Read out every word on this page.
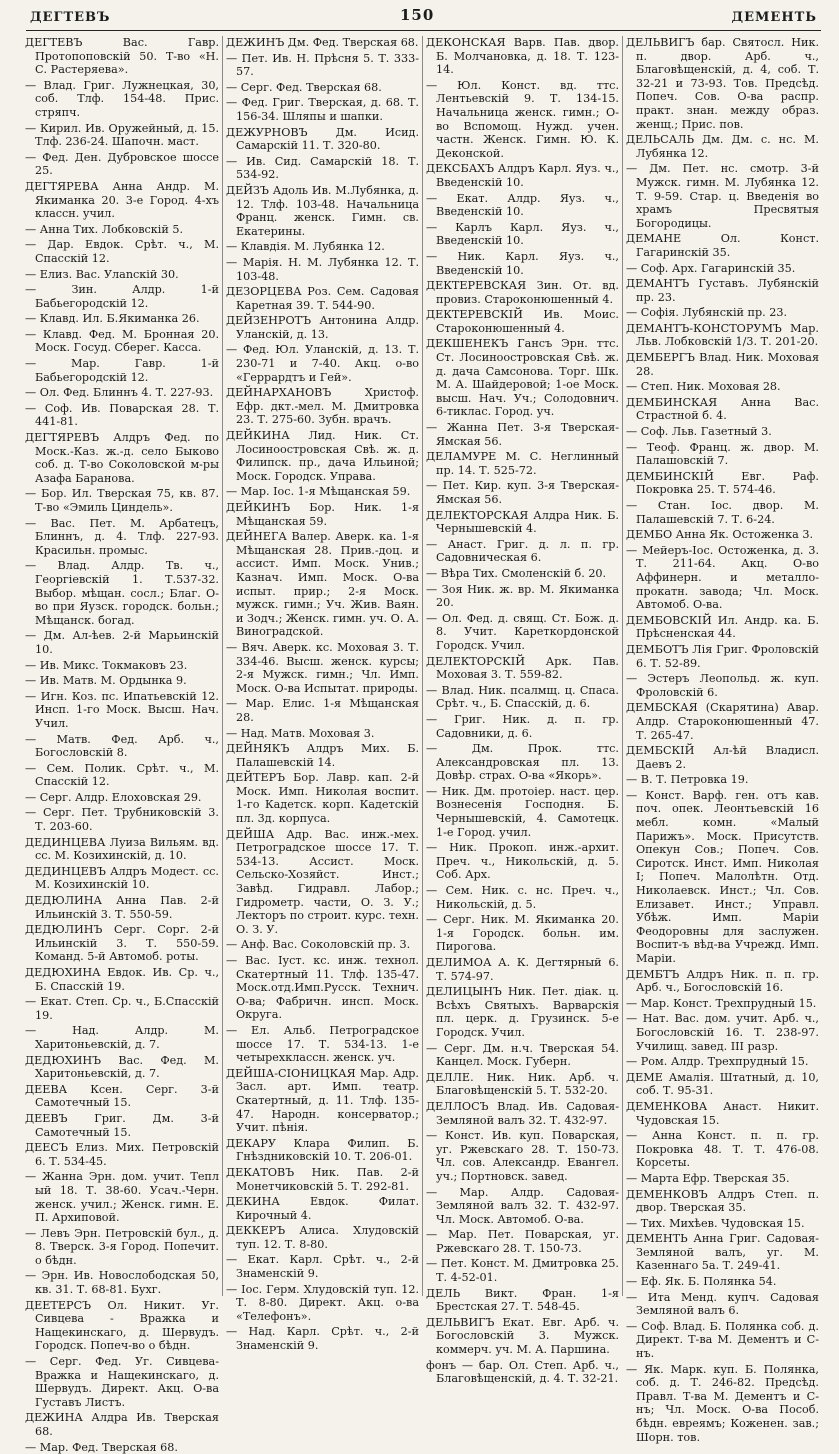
ДЕГТЕВЪ	150	ДЕМЕНТЬ

ДЕГТЕВЪ Вас. Гавр. Протопоповскій 50. Т-во «Н. С. Растеряева».

— Влад. Григ. Лужнецкая, 30, соб. Тлф. 154-48. Прис. стряпч.

— Кирил. Ив. Оружейный, д. 15. Тлф. 236-24. Шапочн. маст.

— Фед. Ден. Дубровское шоссе 25.

ДЕГТЯРЕВА Анна Андр. М. Якиманка 20. 3-е Город. 4-хъ классн. учил.

— Анна Тих. Лобковскій 5.

— Дар. Евдок. Срѣт. ч., М. Спасскій 12.

— Елиз. Вас. Улanскій 30.

— Зин. Алдр. 1-й Бабьегородскій 12.

— Клавд. Ил. Б.Якиманка 26.

— Клавд. Фед. М. Бронная 20. Моск. Госуд. Сберег. Касса.

— Мар. Гавр. 1-й Бабьегородскій 12.

— Ол. Фед. Блиннъ 4. Т. 227-93.

— Соф. Ив. Поварская 28. Т. 441-81.

ДЕГТЯРЕВЪ Алдръ Фед. по Моск.-Каз. ж.-д. село Быково соб. д. Т-во Соколовской м-ры Азафа Баранова.

— Бор. Ил. Тверская 75, кв. 87. Т-во «Эмиль Циндель».

— Вас. Пет. М. Арбатецъ, Блиннъ, д. 4. Тлф. 227-93. Красильн. промыс.

— Влад. Алдр. Тв. ч., Георгіевскій 1. Т.537-32. Выбор. мѣщан. сосл.; Благ. О-во при Яузск. городск. больн.; Мѣщанск. богад.

— Дм. Ал-ѣев. 2-й Марьинскій 10.

— Ив. Микс. Токмаковъ 23.

— Ив. Матв. М. Ордынка 9.

— Игн. Коз. пс. Ипатьевскій 12. Инсп. 1-го Моск. Высш. Нач. Учил.

— Матв. Фед. Арб. ч., Богословскій 8.

— Сем. Полик. Срѣт. ч., М. Спасскій 12.

— Серг. Алдр. Елоховская 29.

— Серг. Пет. Трубниковскій 3. Т. 203-60.

ДЕДИНЦЕВА Луиза Вильям. вд. сс. М. Козихинскій, д. 10.

ДЕДИНЦЕВЪ Алдръ Модест. сс. М. Козихинскій 10.

ДЕДЮЛИНА Анна Пав. 2-й Ильинскій 3. Т. 550-59.

ДЕДЮЛИНЪ Серг. Сорг. 2-й Ильинскій 3. Т. 550-59. Команд. 5-й Автомоб. роты.

ДЕДЮХИНА Евдок. Ив. Ср. ч., Б. Спасскій 19.

— Екат. Степ. Ср. ч., Б.Спасскій 19.

— Над. Алдр. М. Харитоньевскій, д. 7.

ДЕДЮХИНЪ Вас. Фед. М. Харитоньевскій, д. 7.

ДЕЕВА Ксен. Серг. 3-й Самотечный 15.

ДЕЕВЪ Григ. Дм. 3-й Самотечный 15.

ДЕЕСЪ Елиз. Мих. Петровскій 6. Т. 534-45.

— Жанна Эрн. дом. учит. Тепл ый 18. Т. 38-60. Усач.-Черн. женск. учил.; Женск. гимн. Е. П. Архиповой.

— Левъ Эрн. Петровскій бул., д. 8. Тверск. 3-я Город. Попечит. о бѣдн.

— Эрн. Ив. Новослободская 50, кв. 31. Т. 68-81. Бухг.

ДЕЕТЕРСЪ Ол. Никит. Уг. Сивцева - Вражка и Нащекинскаго, д. Шервудъ. Городск. Попеч-во о бѣдн.

— Серг. Фед. Уг. Сивцева-Вражка и Нащекинскаго, д. Шервудъ. Директ. Акц. О-ва Густавъ Листъ.

ДЕЖИНА Алдра Ив. Тверская 68.

— Мар. Фед. Тверская 68.

ДЕЖИНЪ Дм. Фед. Тверская 68.

— Пет. Ив. Н. Прѣсня 5. Т. 333-57.

— Серг. Фед. Тверская 68.

— Фед. Григ. Тверская, д. 68. Т. 156-34. Шляпы и шапки.

ДЕЖУРНОВЪ Дм. Исид. Самарскій 11. Т. 320-80.

— Ив. Сид. Самарскій 18. Т. 534-92.

ДЕЙЗЪ Адоль Ив. М.Лубянка, д. 12. Тлф. 103-48. Начальница Франц. женск. Гимн. св. Екатерины.

— Клавдія. М. Лубянка 12.

— Марія. Н. М. Лубянка 12. Т. 103-48.

ДЕЗОРЦЕВА Роз. Сем. Садовая Каретная 39. Т. 544-90.

ДЕЙЗЕНРОТЪ Антонина Алдр. Уланскій, д. 13.

— Фед. Юл. Уланскій, д. 13. Т. 230-71 и 7-40. Акц. о-во «Геррардтъ и Гей».

ДЕЙНАРХАНОВЪ Христоф. Ефр. дкт.-мел. М. Дмитровка 23. Т. 275-60. Зубн. врачъ.

ДЕЙКИНА Лид. Ник. Ст. Лосиноостровская Свѣ. ж. д. Филипск. пр., дача Ильиной; Моск. Городск. Управа.

— Мар. Іос. 1-я Мѣщанская 59.

ДЕЙКИНЪ Бор. Ник. 1-я Мѣщанская 59.

ДЕЙНЕГА Валер. Аверк. ка. 1-я Мѣщанская 28. Прив.-доц. и ассист. Имп. Моск. Унив.; Казнач. Имп. Моск. О-ва испыт. прир.; 2-я Моск. мужск. гимн.; Уч. Жив. Ваян. и Зодч.; Женск. гимн. уч. О. А. Виноградской.

— Вяч. Аверк. кс. Моховая 3. Т. 334-46. Высш. женск. курсы; 2-я Мужск. гимн.; Чл. Имп. Моск. О-ва Испытат. природы.

— Мар. Елис. 1-я Мѣщанская 28.

— Над. Матв. Моховая 3.

ДЕЙНЯКЪ Алдръ Мих. Б. Палашевскій 14.

ДЕЙТЕРЪ Бор. Лавр. кап. 2-й Моск. Имп. Николая воспит. 1-го Кадетск. корп. Кадетскій пл. 3д. корпуса.

ДЕЙША Адр. Вас. инж.-мех. Петроградское шоссе 17. Т. 534-13. Ассист. Моск. Сельско-Хозяйст. Инст.; Завѣд. Гидравл. Лабор.; Гидрометр. части, О. З. У.; Лекторъ по строит. курс. техн. О. З. У.

— Анф. Вас. Соколовскій пр. 3.

— Вас. Іуст. кс. инж. технол. Скатертный 11. Тлф. 135-47. Моск.отд.Имп.Русск. Технич. О-ва; Фабричн. инсп. Моск. Округа.

— Ел. Альб. Петроградское шоссе 17. Т. 534-13. 1-е четырехклассн. женск. уч.

ДЕЙША-СІОНИЦКАЯ Мар. Адр. Засл. арт. Имп. театр. Скатертный, д. 11. Тлф. 135-47. Народн. консерватор.; Учит. пѣнія.

ДЕКАРУ Клара Филип. Б. Гнѣздниковскій 10. Т. 206-01.

ДЕКАТОВЪ Ник. Пав. 2-й Монетчиковскій 5. Т. 292-81.

ДЕКИНА Евдок. Филат. Кирочный 4.

ДЕККЕРЪ Алиса. Хлудовскій туп. 12. Т. 8-80.

— Екат. Карл. Срѣт. ч., 2-й Знаменскій 9.

— Іос. Герм. Хлудовскій туп. 12. Т. 8-80. Директ. Акц. о-ва «Телефонъ».

— Над. Карл. Срѣт. ч., 2-й Знаменскій 9.

ДЕКОНСКАЯ Варв. Пав. двор. Б. Молчановка, д. 18. Т. 123-14.

— Юл. Конст. вд. ттс. Лентьевскій 9. Т. 134-15. Начальница женск. гимн.; О-во Вспомощ. Нужд. учен. частн. Женск. Гимн. Ю. К. Деконской.

ДЕКСБАХЪ Алдръ Карл. Яуз. ч., Введенскій 10.

— Екат. Алдр. Яуз. ч., Введенскій 10.

— Карлъ Карл. Яуз. ч., Введенскій 10.

— Ник. Карл. Яуз. ч., Введенскій 10.

ДЕКТЕРЕВСКАЯ Зин. От. вд. провиз. Староконюшенный 4.

ДЕКТЕРЕВСКІЙ Ив. Моис. Староконюшенный 4.

ДЕКШЕНЕКЪ Гансъ Эрн. ттс. Ст. Лосиноостровская Свѣ. ж. д. дача Самсонова. Торг. Шк. М. А. Шайдеровой; 1-ое Моск. высш. Нач. Уч.; Солодовнич. 6-тиклас. Город. уч.

— Жанна Пет. 3-я Тверская-Ямская 56.

ДЕЛАМУРЕ М. С. Неглинный пр. 14. Т. 525-72.

— Пет. Кир. куп. 3-я Тверская-Ямская 56.

ДЕЛЕКТОРСКАЯ Алдра Ник. Б. Чернышевскій 4.

— Анаст. Григ. д. л. п. гр. Садовническая 6.

— Вѣра Тих. Смоленскій б. 20.

— Зоя Ник. ж. вр. М. Якиманка 20.

— Ол. Фед. д. свящ. Ст. Бож. д. 8. Учит. Кареткордонской Городск. Учил.

ДЕЛЕКТОРСКІЙ Арк. Пав. Моховая 3. Т. 559-82.

— Влад. Ник. псалмщ. ц. Спаса. Срѣт. ч., Б. Спасскій, д. 6.

— Григ. Ник. д. п. гр. Садовники, д. 6.

— Дм. Прок. ттс. Александровская пл. 13. Довѣр. страх. О-ва «Якорь».

— Ник. Дм. протоіер. наст. цер. Вознесенія Господня. Б. Чернышевскій, 4. Самотецк. 1-е Город. учил.

— Ник. Прокоп. инж.-архит. Преч. ч., Никольскій, д. 5. Соб. Арх.

— Сем. Ник. с. нс. Преч. ч., Никольскій, д. 5.

— Серг. Ник. М. Якиманка 20. 1-я Городск. больн. им. Пирогова.

ДЕЛИМОА А. К. Дегтярный 6. Т. 574-97.

ДЕЛИЦЫНЪ Ник. Пет. діак. ц. Всѣхъ Святыхъ. Варварскія пл. церк. д. Грузинск. 5-е Городск. Учил.

— Серг. Дм. н.ч. Тверская 54. Канцел. Моск. Губерн.

ДЕЛЛЕ. Ник. Ник. Арб. ч. Благовѣщенскій 5. Т. 532-20.

ДЕЛЛОСЪ Влад. Ив. Садовая-Земляной валъ 32. Т. 432-97.

— Конст. Ив. куп. Поварская, уг. Ржевскаго 28. Т. 150-73. Чл. сов. Александр. Евангел. уч.; Портновск. завед.

— Мар. Алдр. Садовая-Земляной валъ 32. Т. 432-97. Чл. Моск. Автомоб. О-ва.

— Мар. Пет. Поварская, уг. Ржевскаго 28. Т. 150-73.

— Пет. Конст. М. Дмитровка 25. Т. 4-52-01.

ДЕЛЬ Викт. Фран. 1-я Брестская 27. Т. 548-45.

ДЕЛЬВИГЪ Екат. Евг. Арб. ч. Богословскій 3. Мужск. коммерч. уч. М. А. Паршина.

фонъ — бар. Ол. Степ. Арб. ч., Благовѣщенскій, д. 4. Т. 32-21.

ДЕЛЬВИГЪ бар. Святосл. Ник. п. двор. Арб. ч., Благовѣщенскій, д. 4, соб. Т. 32-21 и 73-93. Тов. Предсѣд. Попеч. Сов. О-ва распр. практ. знан. между образ. женщ.; Прис. пов.

ДЕЛЬСАЛЬ Дм. Дм. с. нс. М. Лубянка 12.

— Дм. Пет. нс. смотр. 3-й Мужск. гимн. М. Лубянка 12. Т. 9-59. Стар. ц. Введенія во храмъ Пресвятыя Богородицы.

ДЕМАНЕ Ол. Конст. Гагаринскій 35.

— Соф. Арх. Гагаринскій 35.

ДЕМАНТЪ Густавъ. Лубянскій пр. 23.

— Софія. Лубянскій пр. 23.

ДЕМАНТЪ-КОНСТОРУМЪ Мар. Льв. Лобковскій 1/3. Т. 201-20.

ДЕМБЕРГЪ Влад. Ник. Моховая 28.

— Степ. Ник. Моховая 28.

ДЕМБИНСКАЯ Анна Вас. Страстной б. 4.

— Соф. Льв. Газетный 3.

— Теоф. Франц. ж. двор. М. Палашовскій 7.

ДЕМБИНСКІЙ Евг. Раф. Покровка 25. Т. 574-46.

— Стан. Іос. двор. М. Палашевскій 7. Т. 6-24.

ДЕМБО Анна Як. Остоженка 3.

— Мейеръ-Іос. Остоженка, д. 3. Т. 211-64. Акц. О-во Аффинерн. и металло-прокатн. завода; Чл. Моск. Автомоб. О-ва.

ДЕМБОВСКІЙ Ил. Андр. ка. Б. Прѣсненская 44.

ДЕМБОТЪ Лія Григ. Фроловскій 6. Т. 52-89.

— Эстеръ Леопольд. ж. куп. Фроловскій 6.

ДЕМБСКАЯ (Скарятина) Авар. Алдр. Староконюшенный 47. Т. 265-47.

ДЕМБСКІЙ Ал-ѣй Владисл. Даевъ 2.

— В. Т. Петровка 19.

— Конст. Варф. ген. отъ кав. поч. опек. Леонтьевскій 16 мебл. комн. «Малый Парижъ». Моск. Присутств. Опекун Сов.; Попеч. Сов. Сиротск. Инст. Имп. Николая I; Попеч. Малолѣтн. Отд. Николаевск. Инст.; Чл. Сов. Елизавет. Инст.; Управл. Убѣж. Имп. Маріи Феодоровны для заслужен. Воспит-ъ вѣд-ва Учрежд. Имп. Маріи.

ДЕМБТЪ Алдръ Ник. п. п. гр. Арб. ч., Богословскій 16.

— Мар. Конст. Трехпрудный 15.

— Нат. Вас. дом. учит. Арб. ч., Богословскій 16. Т. 238-97. Училищ. завед. III разр.

— Ром. Алдр. Трехпрудный 15.

ДЕМЕ Амалія. Штатный, д. 10, соб. Т. 95-31.

ДЕМЕНКОВА Анаст. Никит. Чудовская 15.

— Анна Конст. п. п. гр. Покровка 48. Т. Т. 476-08. Корсеты.

— Марта Ефр. Тверская 35.

ДЕМЕНКОВЪ Алдръ Степ. п. двор. Тверская 35.

— Тих. Михѣев. Чудовская 15.

ДЕМЕНТЬ Анна Григ. Садовая-Земляной валъ, уг. М. Казеннаго 5а. Т. 249-41.

— Еф. Як. Б. Полянка 54.

— Ита Менд. купч. Садовая Земляной валъ 6.

— Соф. Влад. Б. Полянка соб. д. Директ. Т-ва М. Дементъ и С-нъ.

— Як. Марк. куп. Б. Полянка, соб. д. Т. 246-82. Предсѣд. Правл. Т-ва М. Дементъ и С-нъ; Чл. Моск. О-ва Пособ. бѣдн. евреямъ; Коженен. зав.; Шорн. тов.
